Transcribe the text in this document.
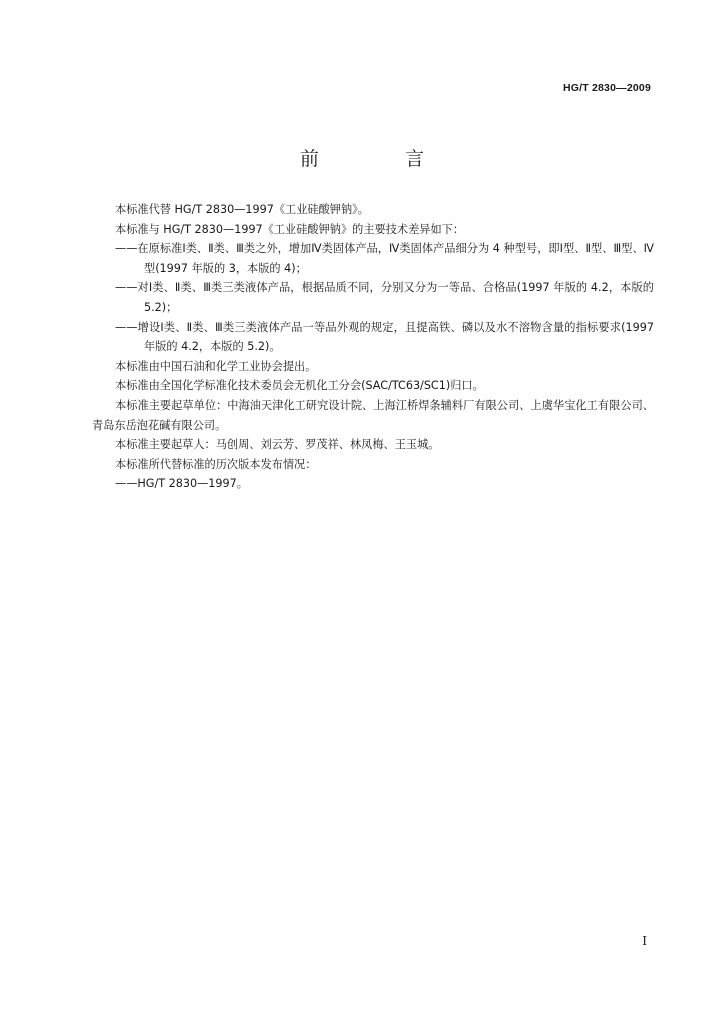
HG/T 2830—2009
前 言

本标准代替 HG/T 2830—1997《工业硅酸钾钠》。

本标准与 HG/T 2830—1997《工业硅酸钾钠》的主要技术差异如下：

——在原标准Ⅰ类、Ⅱ类、Ⅲ类之外，增加Ⅳ类固体产品，Ⅳ类固体产品细分为 4 种型号，即Ⅰ型、Ⅱ型、Ⅲ型、Ⅳ型(1997 年版的 3，本版的 4)；

——对Ⅰ类、Ⅱ类、Ⅲ类三类液体产品，根据品质不同，分别又分为一等品、合格品(1997 年版的 4.2，本版的 5.2)；

——增设Ⅰ类、Ⅱ类、Ⅲ类三类液体产品一等品外观的规定，且提高铁、磷以及水不溶物含量的指标要求(1997 年版的 4.2，本版的 5.2)。

本标准由中国石油和化学工业协会提出。

本标准由全国化学标准化技术委员会无机化工分会(SAC/TC63/SC1)归口。

本标准主要起草单位：中海油天津化工研究设计院、上海江桥焊条辅料厂有限公司、上虞华宝化工有限公司、青岛东岳泡花碱有限公司。

本标准主要起草人：马创周、刘云芳、罗茂祥、林凤梅、王玉城。

本标准所代替标准的历次版本发布情况：

——HG/T 2830—1997。

I
